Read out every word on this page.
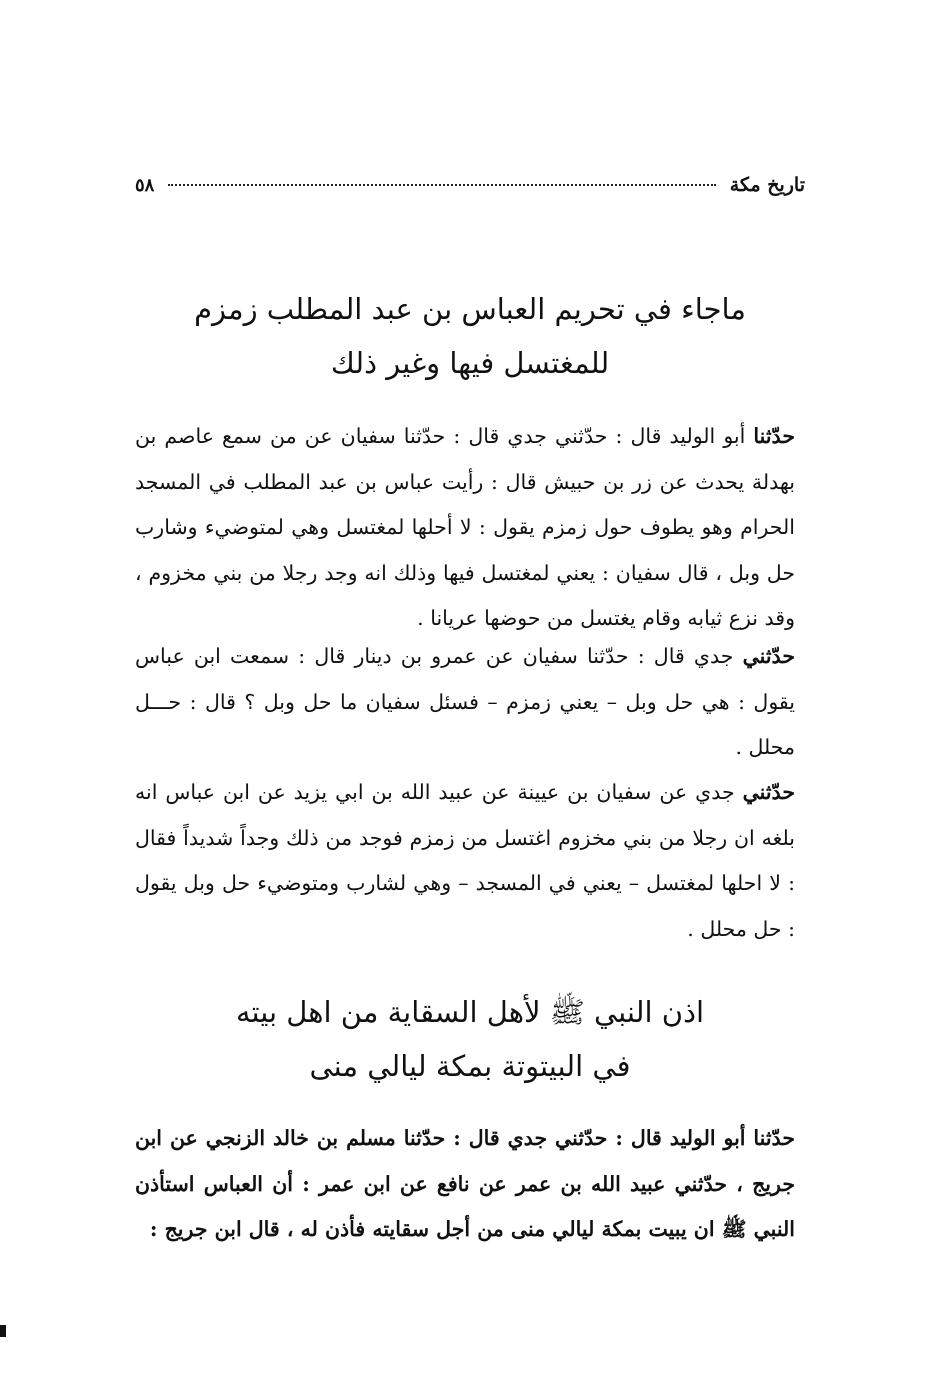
تاريخ مكة
٥٨
ماجاء في تحريم العباس بن عبد المطلب زمزم
للمغتسل فيها وغير ذلك
حدّثنا أبو الوليد قال : حدّثني جدي قال : حدّثنا سفيان عن من سمع عاصم بن بهدلة يحدث عن زر بن حبيش قال : رأيت عباس بن عبد المطلب في المسجد الحرام وهو يطوف حول زمزم يقول : لا أحلها لمغتسل وهي لمتوضيء وشارب حل وبل ، قال سفيان : يعني لمغتسل فيها وذلك انه وجد رجلا من بني مخزوم ، وقد نزع ثيابه وقام يغتسل من حوضها عريانا .
حدّثني جدي قال : حدّثنا سفيان عن عمرو بن دينار قال : سمعت ابن عباس يقول : هي حل وبل – يعني زمزم – فسئل سفيان ما حل وبل ؟ قال : حـــل محلل .
حدّثني جدي عن سفيان بن عيينة عن عبيد الله بن ابي يزيد عن ابن عباس انه بلغه ان رجلا من بني مخزوم اغتسل من زمزم فوجد من ذلك وجداً شديداً فقال : لا احلها لمغتسل – يعني في المسجد – وهي لشارب ومتوضيء حل وبل يقول : حل محلل .
اذن النبي ﷺ لأهل السقاية من اهل بيته
في البيتوتة بمكة ليالي منى
حدّثنا أبو الوليد قال : حدّثني جدي قال : حدّثنا مسلم بن خالد الزنجي عن ابن جريج ، حدّثني عبيد الله بن عمر عن نافع عن ابن عمر : أن العباس استأذن النبي ﷺ ان يبيت بمكة ليالي منى من أجل سقايته فأذن له ، قال ابن جريج :
